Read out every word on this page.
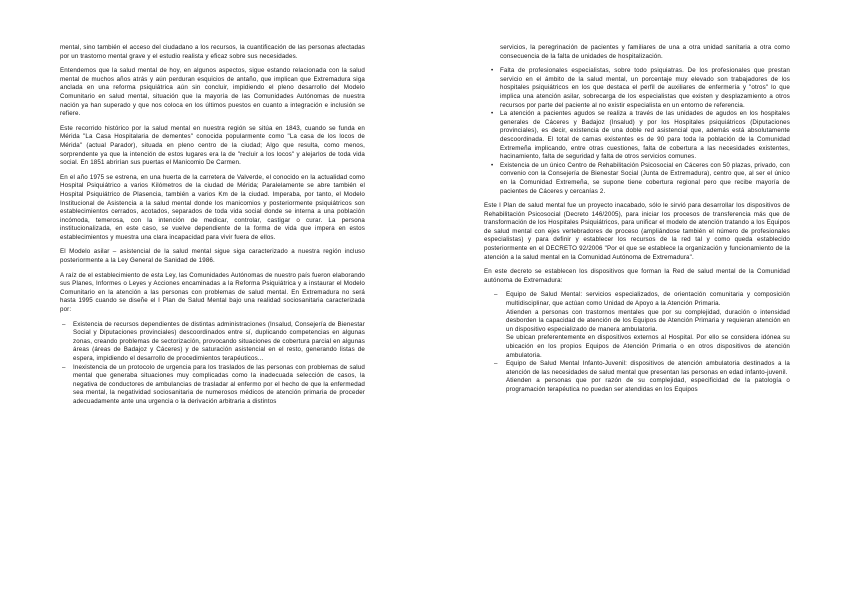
mental, sino también el acceso del ciudadano a los recursos, la cuantificación de las personas afectadas por un trastorno mental grave y el estudio realista y eficaz sobre sus necesidades.

Entendemos que la salud mental de hoy, en algunos aspectos, sigue estando relacionada con la salud mental de muchos años atrás y aún perduran esquicios de antaño, que implican que Extremadura siga anclada en una reforma psiquiátrica aún sin concluir, impidiendo el pleno desarrollo del Modelo Comunitario en salud mental, situación que la mayoría de las Comunidades Autónomas de nuestra nación ya han superado y que nos coloca en los últimos puestos en cuanto a integración e inclusión se refiere.

Este recorrido histórico por la salud mental en nuestra región se sitúa en 1843, cuando se funda en Mérida "La Casa Hospitalaria de dementes" conocida popularmente como "La casa de los locos de Mérida" (actual Parador), situada en pleno centro de la ciudad; Algo que resulta, como menos, sorprendente ya que la intención de estos lugares era la de "recluir a los locos" y alejarlos de toda vida social. En 1851 abrirían sus puertas el Manicomio De Carmen.

En el año 1975 se estrena, en una huerta de la carretera de Valverde, el conocido en la actualidad como Hospital Psiquiátrico a varios Kilómetros de la ciudad de Mérida; Paralelamente se abre también el Hospital Psiquiátrico de Plasencia, también a varios Km de la ciudad. Imperaba, por tanto, el Modelo Institucional de Asistencia a la salud mental donde los manicomios y posteriormente psiquiátricos son establecimientos cerrados, acotados, separados de toda vida social donde se interna a una población incómoda, temerosa, con la intención de medicar, controlar, castigar o curar. La persona institucionalizada, en este caso, se vuelve dependiente de la forma de vida que impera en estos establecimientos y muestra una clara incapacidad para vivir fuera de ellos.

El Modelo asilar – asistencial de la salud mental sigue siga caracterizado a nuestra región incluso posteriormente a la Ley General de Sanidad de 1986.

A raíz de el establecimiento de esta Ley, las Comunidades Autónomas de nuestro país fueron elaborando sus Planes, Informes o Leyes y Acciones encaminadas a la Reforma Psiquiátrica y a instaurar el Modelo Comunitario en la atención a las personas con problemas de salud mental. En Extremadura no será hasta 1995 cuando se diseñe el I Plan de Salud Mental bajo una realidad sociosanitaria caracterizada por:

– Existencia de recursos dependientes de distintas administraciones (Insalud, Consejería de Bienestar Social y Diputaciones provinciales) descoordinados entre sí, duplicando competencias en algunas zonas, creando problemas de sectorización, provocando situaciones de cobertura parcial en algunas áreas (áreas de Badajoz y Cáceres) y de saturación asistencial en el resto, generando listas de espera, impidiendo el desarrollo de procedimientos terapéuticos...
– Inexistencia de un protocolo de urgencia para los traslados de las personas con problemas de salud mental que generaba situaciones muy complicadas como la inadecuada selección de casos, la negativa de conductores de ambulancias de trasladar al enfermo por el hecho de que la enfermedad sea mental, la negatividad sociosanitaria de numerosos médicos de atención primaria de proceder adecuadamente ante una urgencia o la derivación arbitraria a distintos

servicios, la peregrinación de pacientes y familiares de una a otra unidad sanitaria a otra como consecuencia de la falta de unidades de hospitalización.

• Falta de profesionales especialistas, sobre todo psiquiatras. De los profesionales que prestan servicio en el ámbito de la salud mental, un porcentaje muy elevado son trabajadores de los hospitales psiquiátricos en los que destaca el perfil de auxiliares de enfermería y "otros" lo que implica una atención asilar, sobrecarga de los especialistas que existen y desplazamiento a otros recursos por parte del paciente al no existir especialista en un entorno de referencia.
• La atención a pacientes agudos se realiza a través de las unidades de agudos en los hospitales generales de Cáceres y Badajoz (Insalud) y por los Hospitales psiquiátricos (Diputaciones provinciales), es decir, existencia de una doble red asistencial que, además está absolutamente descoordinada. El total de camas existentes es de 90 para toda la población de la Comunidad Extremeña implicando, entre otras cuestiones, falta de cobertura a las necesidades existentes, hacinamiento, falta de seguridad y falta de otros servicios comunes.
• Existencia de un único Centro de Rehabilitación Psicosocial en Cáceres con 50 plazas, privado, con convenio con la Consejería de Bienestar Social (Junta de Extremadura), centro que, al ser el único en la Comunidad Extremeña, se supone tiene cobertura regional pero que recibe mayoría de pacientes de Cáceres y cercanías 2.

Este I Plan de salud mental fue un proyecto inacabado, sólo le sirvió para desarrollar los dispositivos de Rehabilitación Psicosocial (Decreto 146/2005), para iniciar los procesos de transferencia más que de transformación de los Hospitales Psiquiátricos, para unificar el modelo de atención tratando a los Equipos de salud mental con ejes vertebradores de proceso (ampliándose también el número de profesionales especialistas) y para definir y establecer los recursos de la red tal y como queda establecido posteriormente en el DECRETO 92/2006 "Por el que se establece la organización y funcionamiento de la atención a la salud mental en la Comunidad Autónoma de Extremadura".

En este decreto se establecen los dispositivos que forman la Red de salud mental de la Comunidad autónoma de Extremadura:

– Equipo de Salud Mental: servicios especializados, de orientación comunitaria y composición multidisciplinar, que actúan como Unidad de Apoyo a la Atención Primaria.
Atienden a personas con trastornos mentales que por su complejidad, duración o intensidad desborden la capacidad de atención de los Equipos de Atención Primaria y requieran atención en un dispositivo especializado de manera ambulatoria.
Se ubican preferentemente en dispositivos externos al Hospital. Por ello se considera idónea su ubicación en los propios Equipos de Atención Primaria o en otros dispositivos de atención ambulatoria.
– Equipo de Salud Mental Infanto-Juvenil: dispositivos de atención ambulatoria destinados a la atención de las necesidades de salud mental que presentan las personas en edad infanto-juvenil.
Atienden a personas que por razón de su complejidad, especificidad de la patología o programación terapéutica no puedan ser atendidas en los Equipos
